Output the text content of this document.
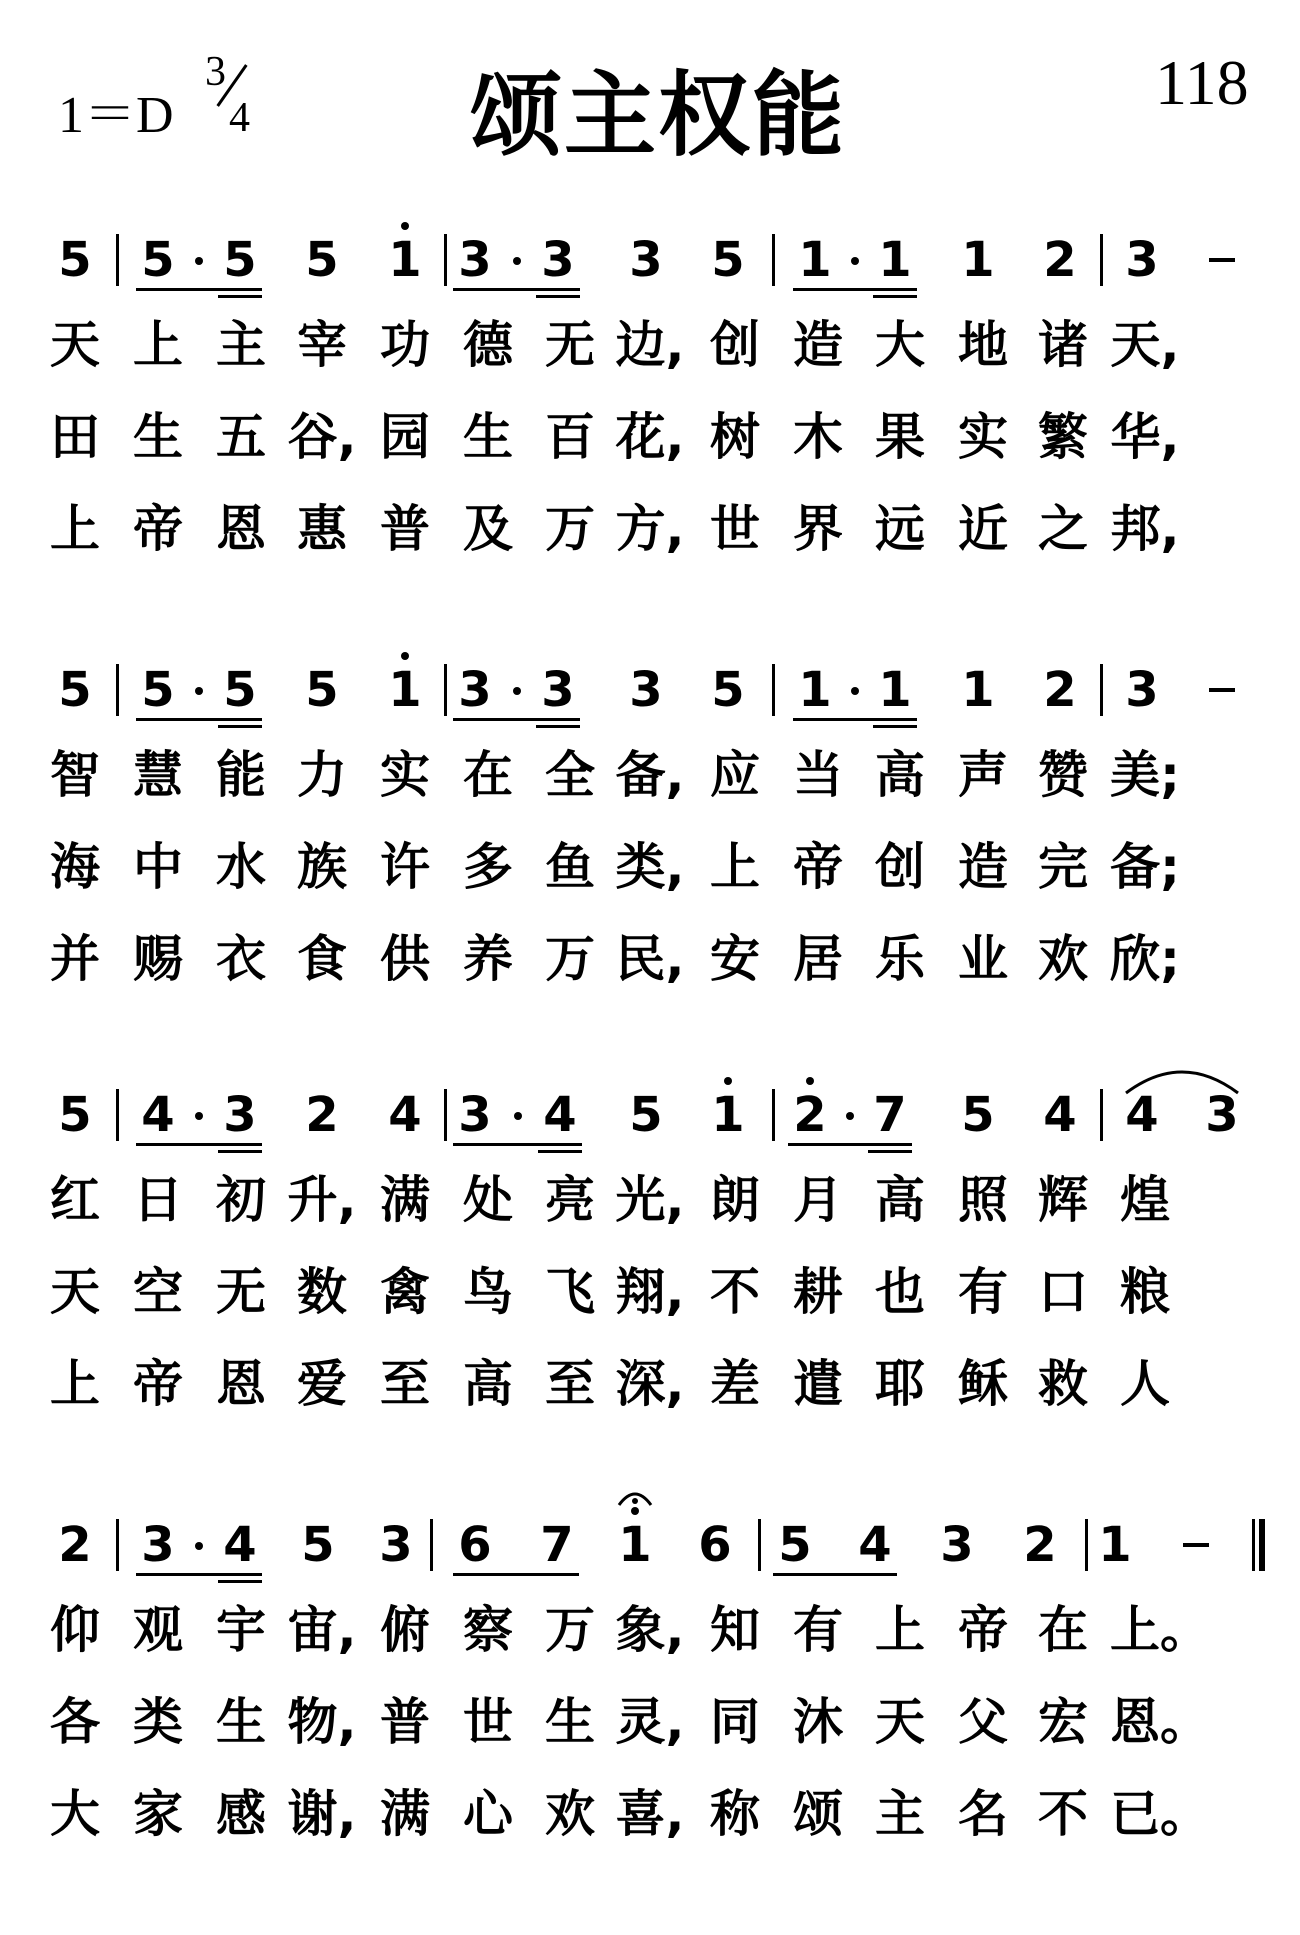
1＝D
3
4 颂主权能	118
5 5 5 5 1 3 3 3 5 1 1 1 2 3
天 上 主 宰 功 德 无 边, 创 造 大 地 诸 天,
田 生 五 谷, 园 生 百 花, 树 木 果 实 繁 华,
上 帝 恩 惠 普 及 万 方, 世 界 远 近 之 邦,
5 5 5 5 1 3 3 3 5 1 1 1 2 3
智 慧 能 力 实 在 全 备, 应 当 高 声 赞 美;
海 中 水 族 许 多 鱼 类, 上 帝 创 造 完 备;
并 赐 衣 食 供 养 万 民, 安 居 乐 业 欢 欣;
5 4 3 2 4 3 4 5 1 2 7 5 4 4 3
红 日 初 升, 满 处 亮 光, 朗 月 高 照 辉 煌
天 空 无 数 禽 鸟 飞 翔, 不 耕 也 有 口 粮
上 帝 恩 爱 至 高 至 深, 差 遣 耶 稣 救 人
2 3 4 5 3 6 7 1 6 5 4 3 2 1
仰 观 宇 宙, 俯 察 万 象, 知 有 上 帝 在 上。
各 类 生 物, 普 世 生 灵, 同 沐 天 父 宏 恩。
大 家 感 谢, 满 心 欢 喜, 称 颂 主 名 不 已。
